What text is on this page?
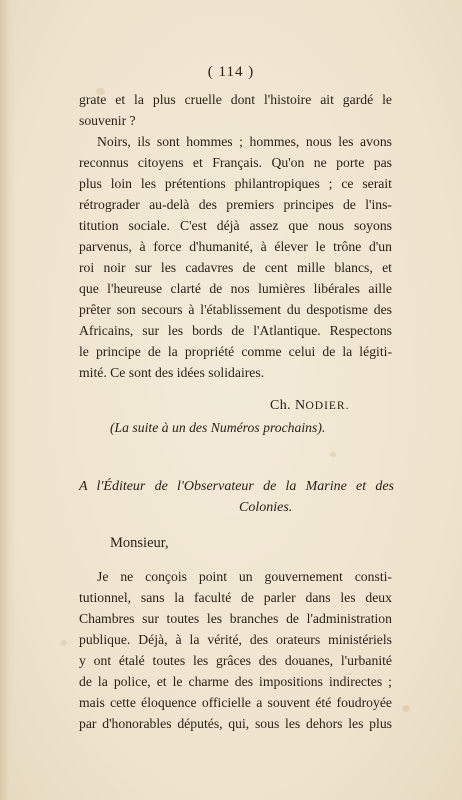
( 114 )
grate et la plus cruelle dont l'histoire ait gardé le
souvenir ?
Noirs, ils sont hommes ; hommes, nous les avons
reconnus citoyens et Français. Qu'on ne porte pas
plus loin les prétentions philantropiques ; ce serait
rétrograder au-delà des premiers principes de l'ins-
titution sociale. C'est déjà assez que nous soyons
parvenus, à force d'humanité, à élever le trône d'un
roi noir sur les cadavres de cent mille blancs, et
que l'heureuse clarté de nos lumières libérales aille
prêter son secours à l'établissement du despotisme des
Africains, sur les bords de l'Atlantique. Respectons
le principe de la propriété comme celui de la légiti-
mité. Ce sont des idées solidaires.
Ch. NODIER.
(La suite à un des Numéros prochains).
A l'Éditeur de l'Observateur de la Marine et des
Colonies.
Monsieur,
Je ne conçois point un gouvernement consti-
tutionnel, sans la faculté de parler dans les deux
Chambres sur toutes les branches de l'administration
publique. Déjà, à la vérité, des orateurs ministériels
y ont étalé toutes les grâces des douanes, l'urbanité
de la police, et le charme des impositions indirectes ;
mais cette éloquence officielle a souvent été foudroyée
par d'honorables députés, qui, sous les dehors les plus
